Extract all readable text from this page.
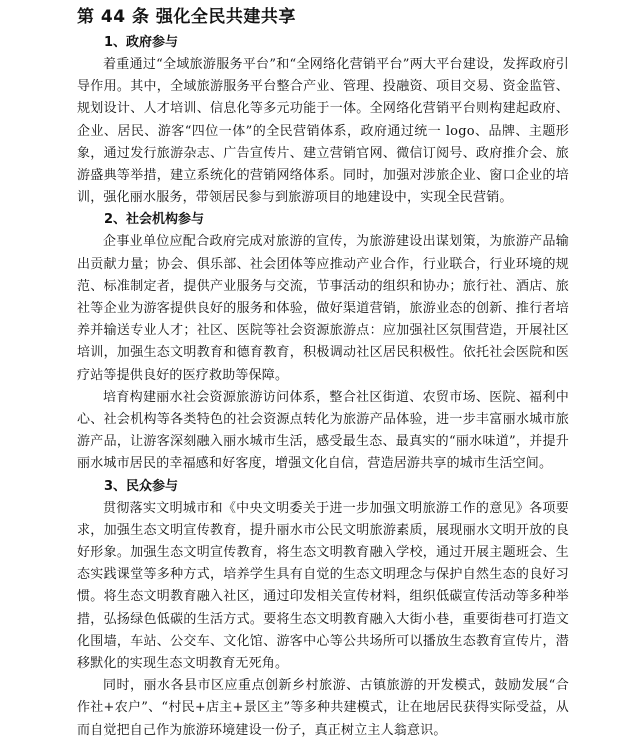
第 44 条 强化全民共建共享
1、政府参与

着重通过“全域旅游服务平台”和“全网络化营销平台”两大平台建设，发挥政府引导作用。其中，全域旅游服务平台整合产业、管理、投融资、项目交易、资金监管、规划设计、人才培训、信息化等多元功能于一体。全网络化营销平台则构建起政府、企业、居民、游客“四位一体”的全民营销体系，政府通过统一 logo、品牌、主题形象，通过发行旅游杂志、广告宣传片、建立营销官网、微信订阅号、政府推介会、旅游盛典等举措，建立系统化的营销网络体系。同时，加强对涉旅企业、窗口企业的培训，强化丽水服务，带领居民参与到旅游项目的地建设中，实现全民营销。

2、社会机构参与

企事业单位应配合政府完成对旅游的宣传，为旅游建设出谋划策，为旅游产品输出贡献力量；协会、俱乐部、社会团体等应推动产业合作，行业联合，行业环境的规范、标准制定者，提供产业服务与交流，节事活动的组织和协办；旅行社、酒店、旅社等企业为游客提供良好的服务和体验，做好渠道营销，旅游业态的创新、推行者培养并输送专业人才；社区、医院等社会资源旅游点：应加强社区氛围营造，开展社区培训，加强生态文明教育和德育教育，积极调动社区居民积极性。依托社会医院和医疗站等提供良好的医疗救助等保障。

培育构建丽水社会资源旅游访问体系，整合社区街道、农贸市场、医院、福利中心、社会机构等各类特色的社会资源点转化为旅游产品体验，进一步丰富丽水城市旅游产品，让游客深刻融入丽水城市生活，感受最生态、最真实的“丽水味道”，并提升丽水城市居民的幸福感和好客度，增强文化自信，营造居游共享的城市生活空间。

3、民众参与

贯彻落实文明城市和《中央文明委关于进一步加强文明旅游工作的意见》各项要求，加强生态文明宣传教育，提升丽水市公民文明旅游素质，展现丽水文明开放的良好形象。加强生态文明宣传教育，将生态文明教育融入学校，通过开展主题班会、生态实践课堂等多种方式，培养学生具有自觉的生态文明理念与保护自然生态的良好习惯。将生态文明教育融入社区，通过印发相关宣传材料，组织低碳宣传活动等多种举措，弘扬绿色低碳的生活方式。要将生态文明教育融入大街小巷，重要街巷可打造文化围墙，车站、公交车、文化馆、游客中心等公共场所可以播放生态教育宣传片，潜移默化的实现生态文明教育无死角。

同时，丽水各县市区应重点创新乡村旅游、古镇旅游的开发模式，鼓励发展“合作社+农户”、“村民+店主+景区主”等多种共建模式，让在地居民获得实际受益，从而自觉把自己作为旅游环境建设一份子，真正树立主人翁意识。
